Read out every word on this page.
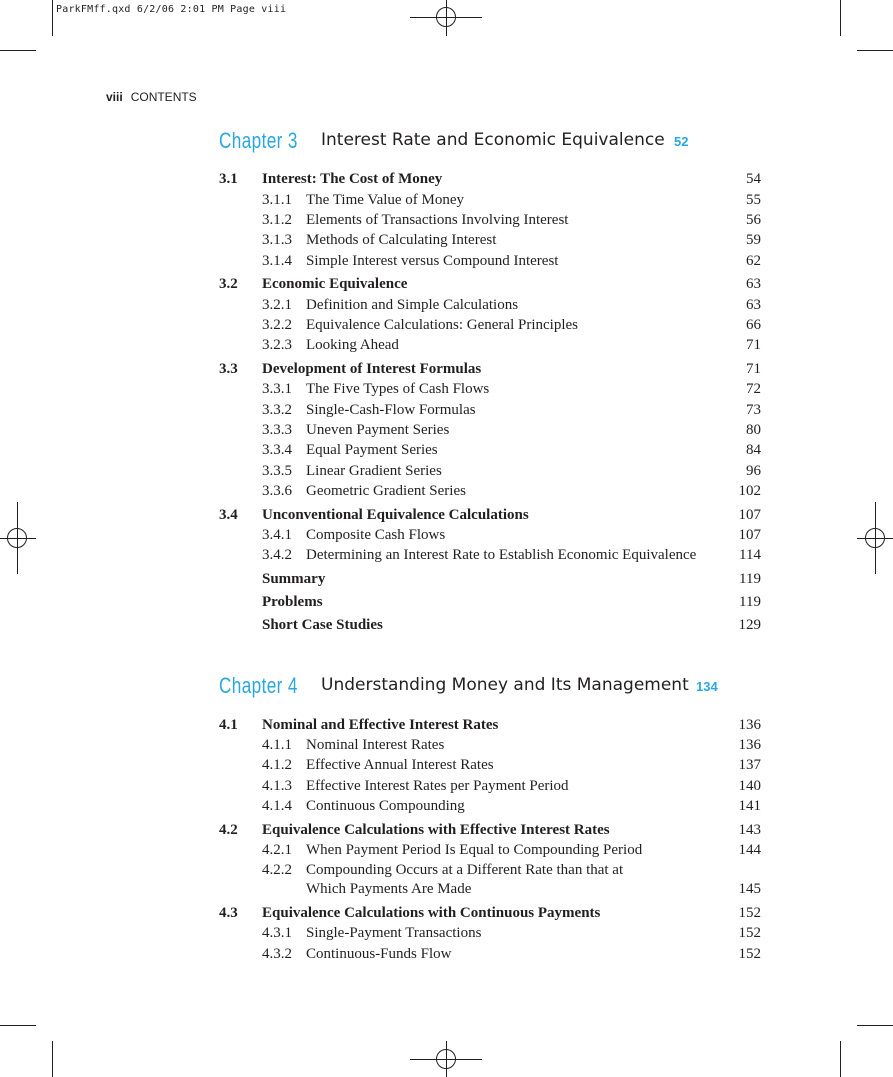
ParkFMff.qxd 6/2/06 2:01 PM Page viii
viii CONTENTS
Chapter 3 Interest Rate and Economic Equivalence 52
Chapter 4 Understanding Money and Its Management 134
3.1 Interest: The Cost of Money	54
3.1.1 The Time Value of Money	55
3.1.2 Elements of Transactions Involving Interest	56
3.1.3 Methods of Calculating Interest	59
3.1.4 Simple Interest versus Compound Interest	62
3.2 Economic Equivalence	63
3.2.1 Definition and Simple Calculations	63
3.2.2 Equivalence Calculations: General Principles	66
3.2.3 Looking Ahead	71
3.3 Development of Interest Formulas	71
3.3.1 The Five Types of Cash Flows	72
3.3.2 Single-Cash-Flow Formulas	73
3.3.3 Uneven Payment Series	80
3.3.4 Equal Payment Series	84
3.3.5 Linear Gradient Series	96
3.3.6 Geometric Gradient Series	102
3.4 Unconventional Equivalence Calculations	107
3.4.1 Composite Cash Flows	107
3.4.2 Determining an Interest Rate to Establish Economic Equivalence	114
Summary	119
Problems	119
Short Case Studies	129
4.1 Nominal and Effective Interest Rates	136
4.1.1 Nominal Interest Rates	136
4.1.2 Effective Annual Interest Rates	137
4.1.3 Effective Interest Rates per Payment Period	140
4.1.4 Continuous Compounding	141
4.2 Equivalence Calculations with Effective Interest Rates	143
4.2.1 When Payment Period Is Equal to Compounding Period	144
4.2.2 Compounding Occurs at a Different Rate than that at
Which Payments Are Made	145
4.3 Equivalence Calculations with Continuous Payments	152
4.3.1 Single-Payment Transactions	152
4.3.2 Continuous-Funds Flow	152
